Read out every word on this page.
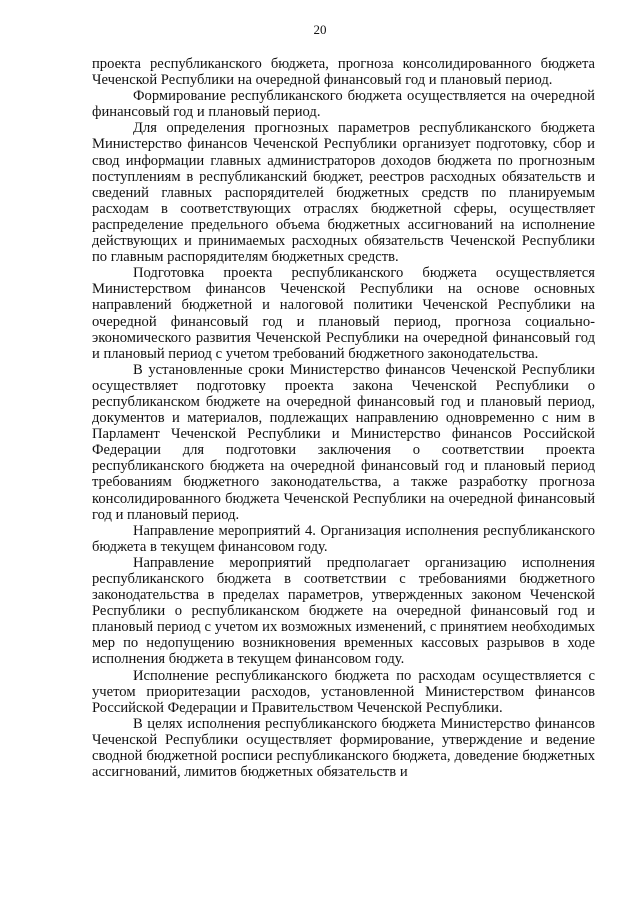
20

проекта республиканского бюджета, прогноза консолидированного бюджета Чеченской Республики на очередной финансовый год и плановый период.

Формирование республиканского бюджета осуществляется на очередной финансовый год и плановый период.

Для определения прогнозных параметров республиканского бюджета Министерство финансов Чеченской Республики организует подготовку, сбор и свод информации главных администраторов доходов бюджета по прогнозным поступлениям в республиканский бюджет, реестров расходных обязательств и сведений главных распорядителей бюджетных средств по планируемым расходам в соответствующих отраслях бюджетной сферы, осуществляет распределение предельного объема бюджетных ассигнований на исполнение действующих и принимаемых расходных обязательств Чеченской Республики по главным распорядителям бюджетных средств.

Подготовка проекта республиканского бюджета осуществляется Министерством финансов Чеченской Республики на основе основных направлений бюджетной и налоговой политики Чеченской Республики на очередной финансовый год и плановый период, прогноза социально-экономического развития Чеченской Республики на очередной финансовый год и плановый период с учетом требований бюджетного законодательства.

В установленные сроки Министерство финансов Чеченской Республики осуществляет подготовку проекта закона Чеченской Республики о республиканском бюджете на очередной финансовый год и плановый период, документов и материалов, подлежащих направлению одновременно с ним в Парламент Чеченской Республики и Министерство финансов Российской Федерации для подготовки заключения о соответствии проекта республиканского бюджета на очередной финансовый год и плановый период требованиям бюджетного законодательства, а также разработку прогноза консолидированного бюджета Чеченской Республики на очередной финансовый год и плановый период.

Направление мероприятий 4. Организация исполнения республиканского бюджета в текущем финансовом году.

Направление мероприятий предполагает организацию исполнения республиканского бюджета в соответствии с требованиями бюджетного законодательства в пределах параметров, утвержденных законом Чеченской Республики о республиканском бюджете на очередной финансовый год и плановый период с учетом их возможных изменений, с принятием необходимых мер по недопущению возникновения временных кассовых разрывов в ходе исполнения бюджета в текущем финансовом году.

Исполнение республиканского бюджета по расходам осуществляется с учетом приоритезации расходов, установленной Министерством финансов Российской Федерации и Правительством Чеченской Республики.

В целях исполнения республиканского бюджета Министерство финансов Чеченской Республики осуществляет формирование, утверждение и ведение сводной бюджетной росписи республиканского бюджета, доведение бюджетных ассигнований, лимитов бюджетных обязательств и
